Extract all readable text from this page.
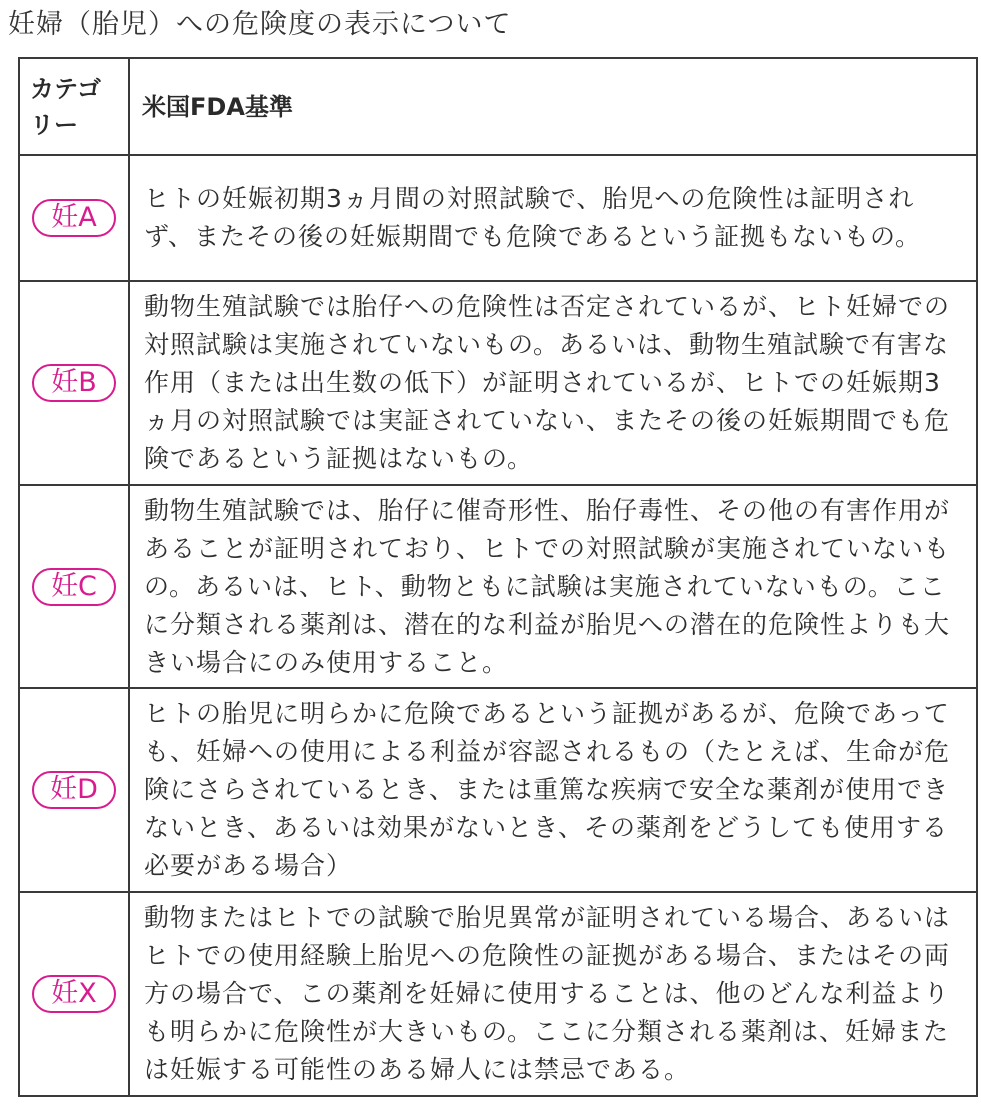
妊婦（胎児）への危険度の表示について
カテゴリー	米国FDA基準
妊A	ヒトの妊娠初期3ヵ月間の対照試験で、胎児への危険性は証明されず、またその後の妊娠期間でも危険であるという証拠もないもの。
妊B	動物生殖試験では胎仔への危険性は否定されているが、ヒト妊婦での対照試験は実施されていないもの。あるいは、動物生殖試験で有害な作用（または出生数の低下）が証明されているが、ヒトでの妊娠期3ヵ月の対照試験では実証されていない、またその後の妊娠期間でも危険であるという証拠はないもの。
妊C	動物生殖試験では、胎仔に催奇形性、胎仔毒性、その他の有害作用があることが証明されており、ヒトでの対照試験が実施されていないもの。あるいは、ヒト、動物ともに試験は実施されていないもの。ここに分類される薬剤は、潜在的な利益が胎児への潜在的危険性よりも大きい場合にのみ使用すること。
妊D	ヒトの胎児に明らかに危険であるという証拠があるが、危険であっても、妊婦への使用による利益が容認されるもの（たとえば、生命が危険にさらされているとき、または重篤な疾病で安全な薬剤が使用できないとき、あるいは効果がないとき、その薬剤をどうしても使用する必要がある場合）
妊X	動物またはヒトでの試験で胎児異常が証明されている場合、あるいはヒトでの使用経験上胎児への危険性の証拠がある場合、またはその両方の場合で、この薬剤を妊婦に使用することは、他のどんな利益よりも明らかに危険性が大きいもの。ここに分類される薬剤は、妊婦または妊娠する可能性のある婦人には禁忌である。
